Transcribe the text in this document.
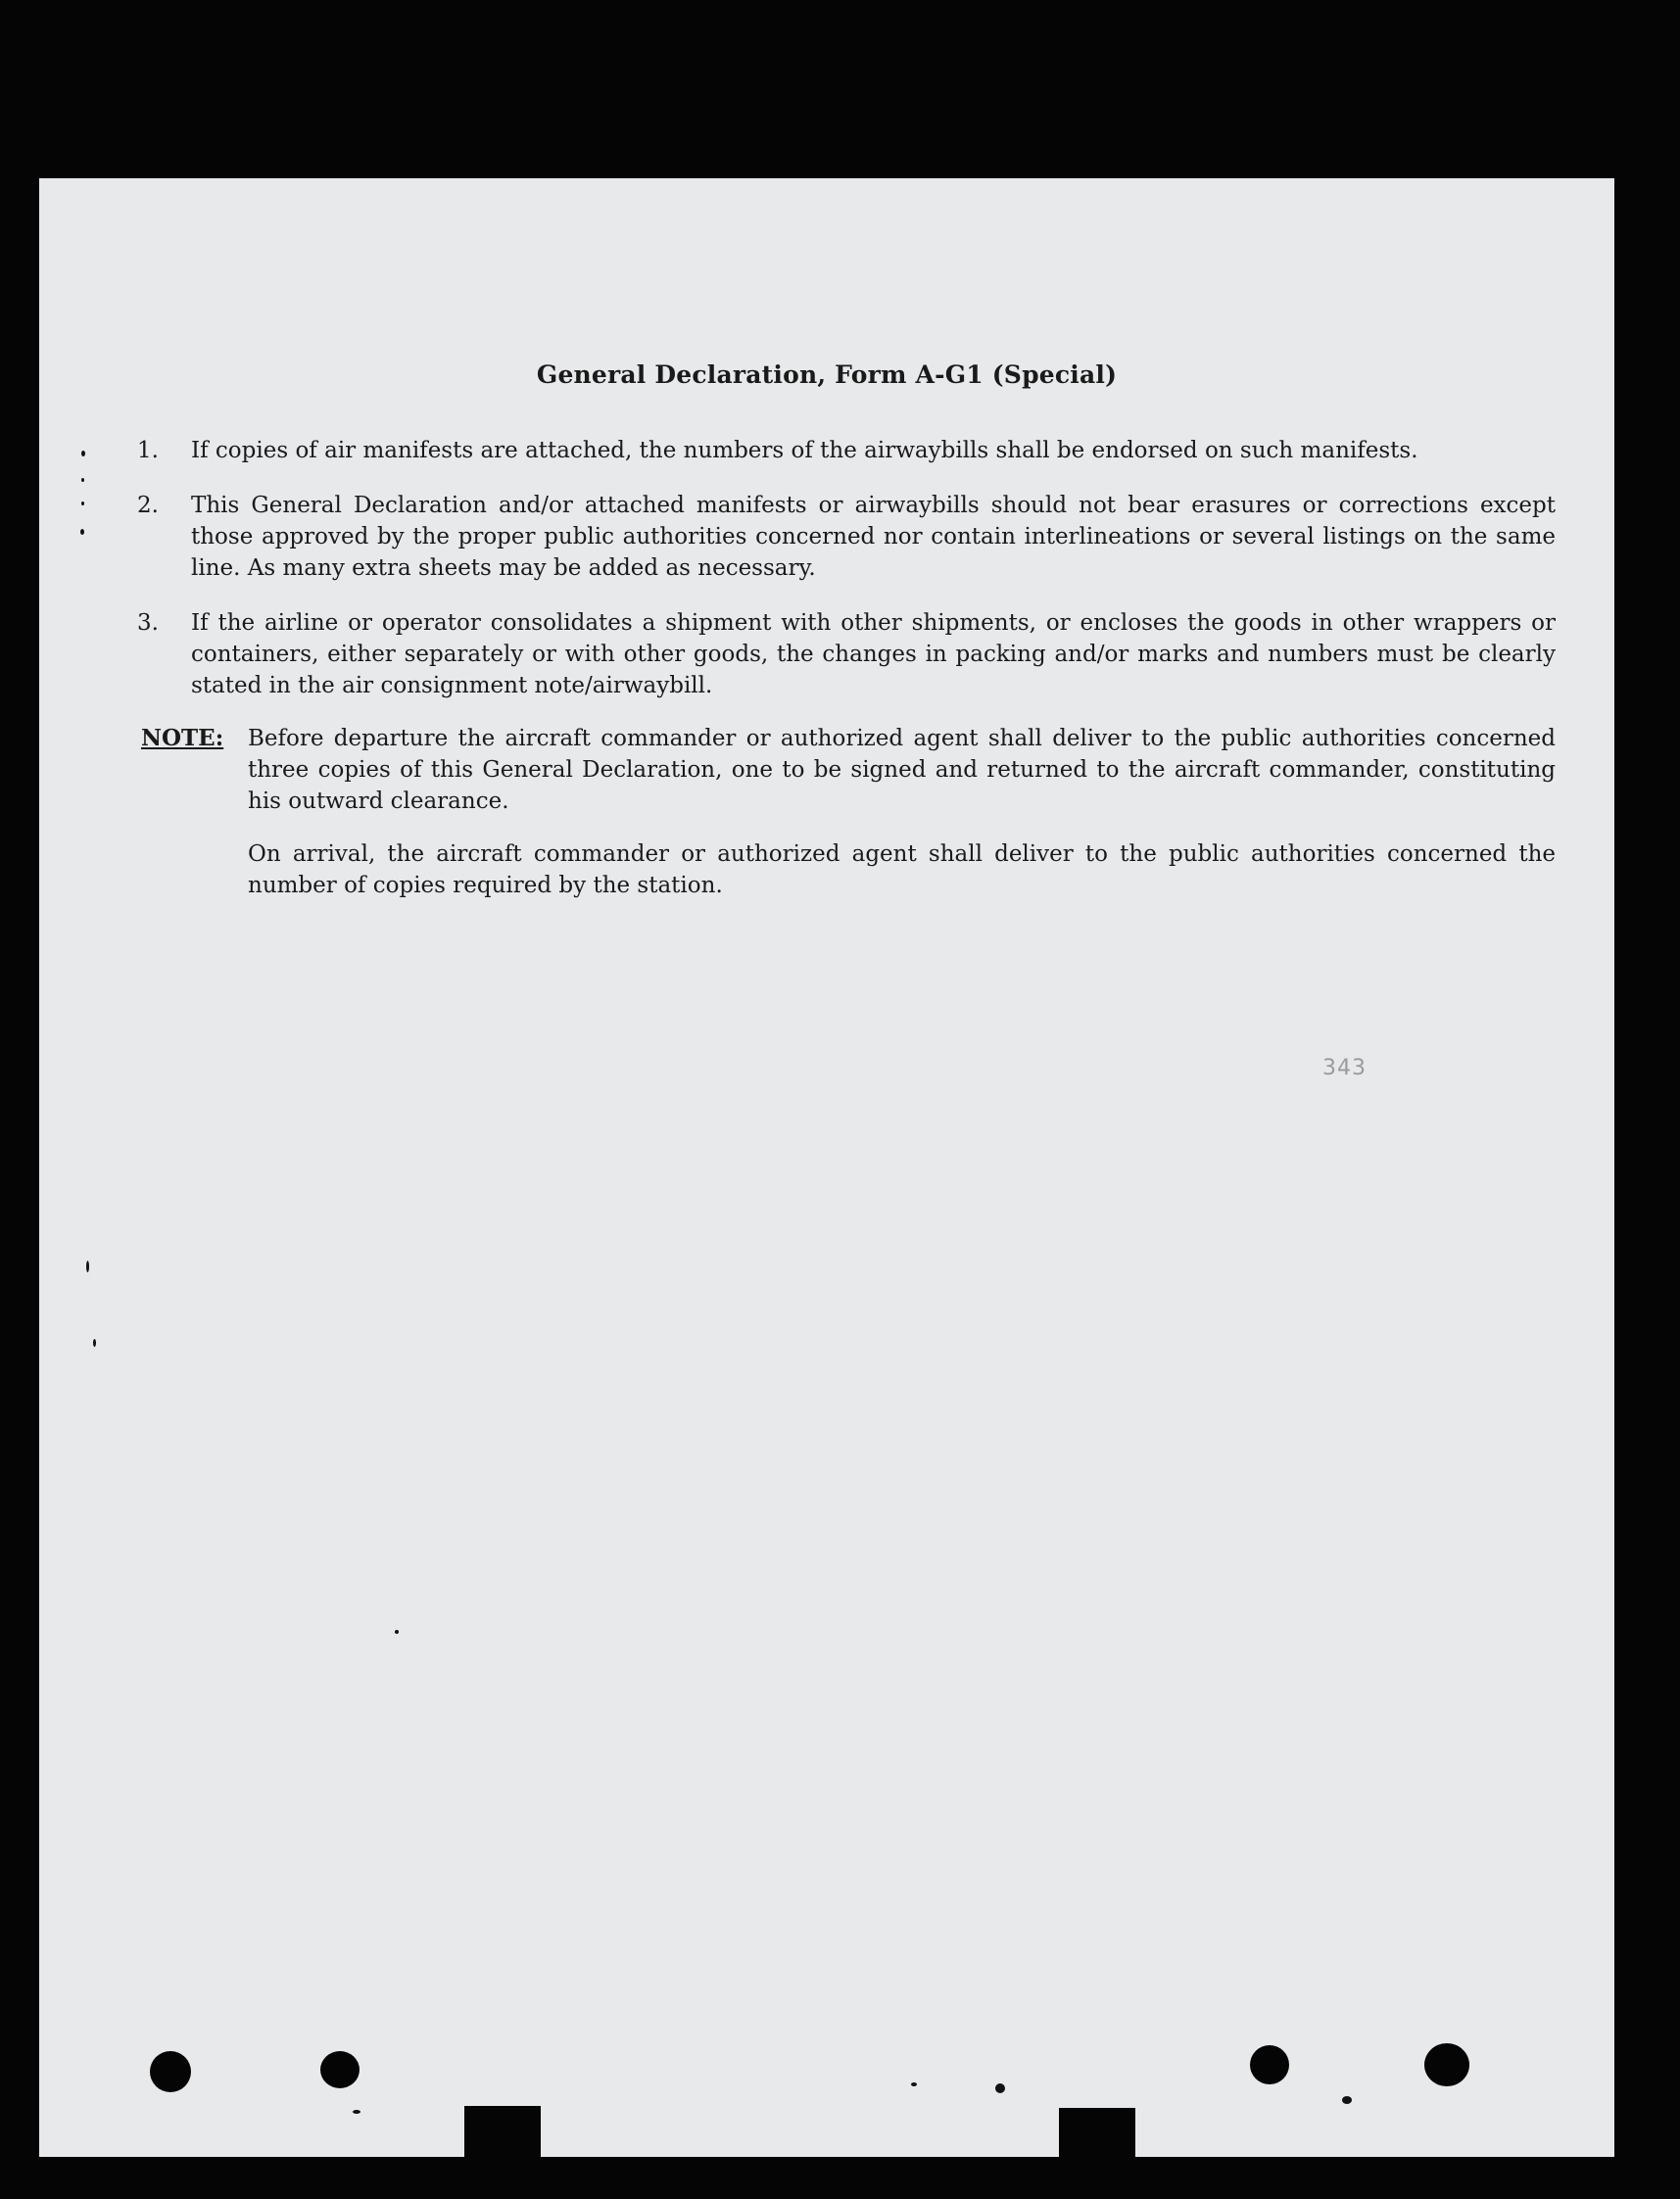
General Declaration, Form A-G1 (Special)
1.	If copies of air manifests are attached, the numbers of the airwaybills shall be endorsed on such manifests.
2.	This General Declaration and/or attached manifests or airwaybills should not bear erasures or corrections except those approved by the proper public authorities concerned nor contain interlineations or several listings on the same line. As many extra sheets may be added as necessary.
3.	If the airline or operator consolidates a shipment with other shipments, or encloses the goods in other wrappers or containers, either separately or with other goods, the changes in packing and/or marks and numbers must be clearly stated in the air consignment note/airwaybill.
NOTE: Before departure the aircraft commander or authorized agent shall deliver to the public authorities concerned three copies of this General Declaration, one to be signed and returned to the aircraft commander, constituting his outward clearance.
On arrival, the aircraft commander or authorized agent shall deliver to the public authorities concerned the number of copies required by the station.
343
